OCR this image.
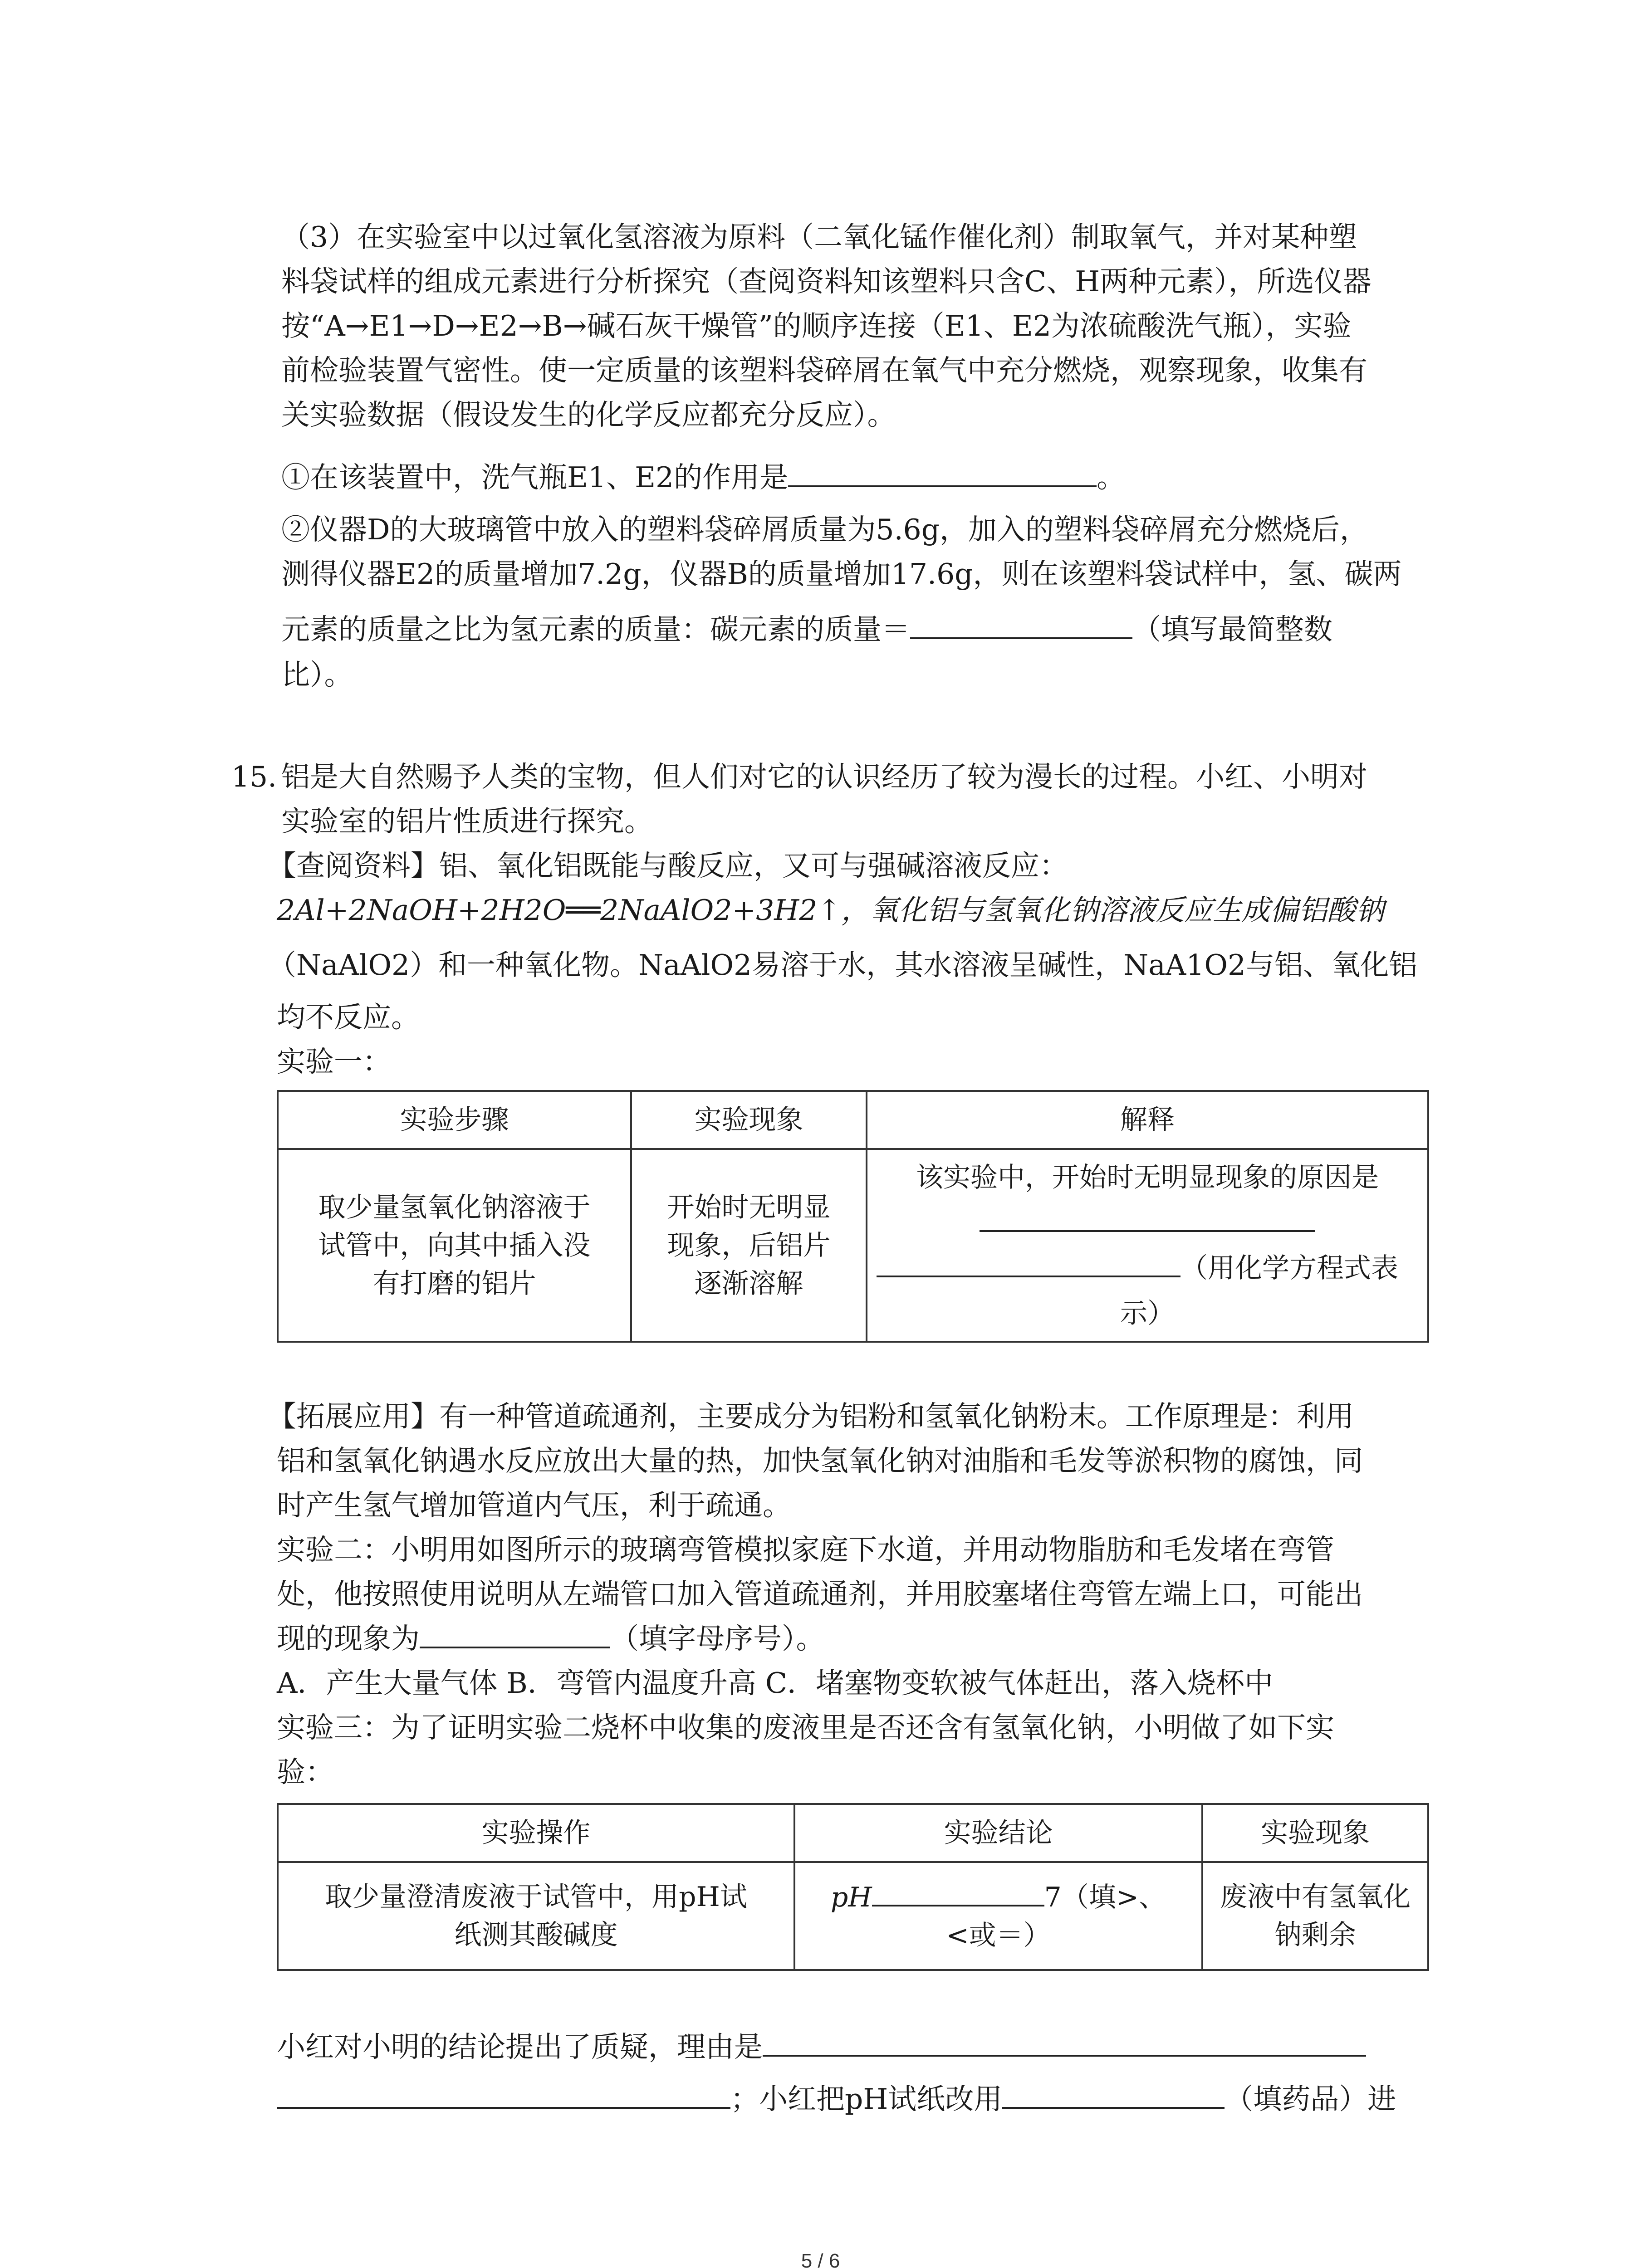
（3）在实验室中以过氧化氢溶液为原料（二氧化锰作催化剂）制取氧气，并对某种塑
料袋试样的组成元素进行分析探究（查阅资料知该塑料只含C、H两种元素），所选仪器
按“A→E1→D→E2→B→碱石灰干燥管”的顺序连接（E1、E2为浓硫酸洗气瓶），实验
前检验装置气密性。使一定质量的该塑料袋碎屑在氧气中充分燃烧，观察现象，收集有
关实验数据（假设发生的化学反应都充分反应）。
①在该装置中，洗气瓶E1、E2的作用是	。
②仪器D的大玻璃管中放入的塑料袋碎屑质量为5.6g，加入的塑料袋碎屑充分燃烧后，
测得仪器E2的质量增加7.2g，仪器B的质量增加17.6g，则在该塑料袋试样中，氢、碳两
元素的质量之比为氢元素的质量：碳元素的质量＝	（填写最简整数
比）。
15. 铝是大自然赐予人类的宝物，但人们对它的认识经历了较为漫长的过程。小红、小明对
实验室的铝片性质进行探究。
【查阅资料】铝、氧化铝既能与酸反应，又可与强碱溶液反应：
2Al+2NaOH+2H2O══2NaAlO2+3H2↑，氧化铝与氢氧化钠溶液反应生成偏铝酸钠
（NaAlO2）和一种氧化物。NaAlO2易溶于水，其水溶液呈碱性，NaA1O2与铝、氧化铝
均不反应。
实验一：
实验步骤	实验现象	解释

取少量氢氧化钠溶液于
试管中，向其中插入没
有打磨的铝片	开始时无明显
现象，后铝片
逐渐溶解	该实验中，开始时无明显现象的原因是
（用化学方程式表
示）
【拓展应用】有一种管道疏通剂，主要成分为铝粉和氢氧化钠粉末。工作原理是：利用
铝和氢氧化钠遇水反应放出大量的热，加快氢氧化钠对油脂和毛发等淤积物的腐蚀，同
时产生氢气增加管道内气压，利于疏通。
实验二：小明用如图所示的玻璃弯管模拟家庭下水道，并用动物脂肪和毛发堵在弯管
处，他按照使用说明从左端管口加入管道疏通剂，并用胶塞堵住弯管左端上口，可能出
现的现象为	（填字母序号）。
A．产生大量气体 B．弯管内温度升高 C．堵塞物变软被气体赶出，落入烧杯中
实验三：为了证明实验二烧杯中收集的废液里是否还含有氢氧化钠，小明做了如下实
验：
实验操作	实验结论	实验现象

取少量澄清废液于试管中，用pH试
纸测其酸碱度	pH 7（填>、
<或＝）	废液中有氢氧化
钠剩余
小红对小明的结论提出了质疑，理由是
；小红把pH试纸改用	（填药品）进
5 / 6
